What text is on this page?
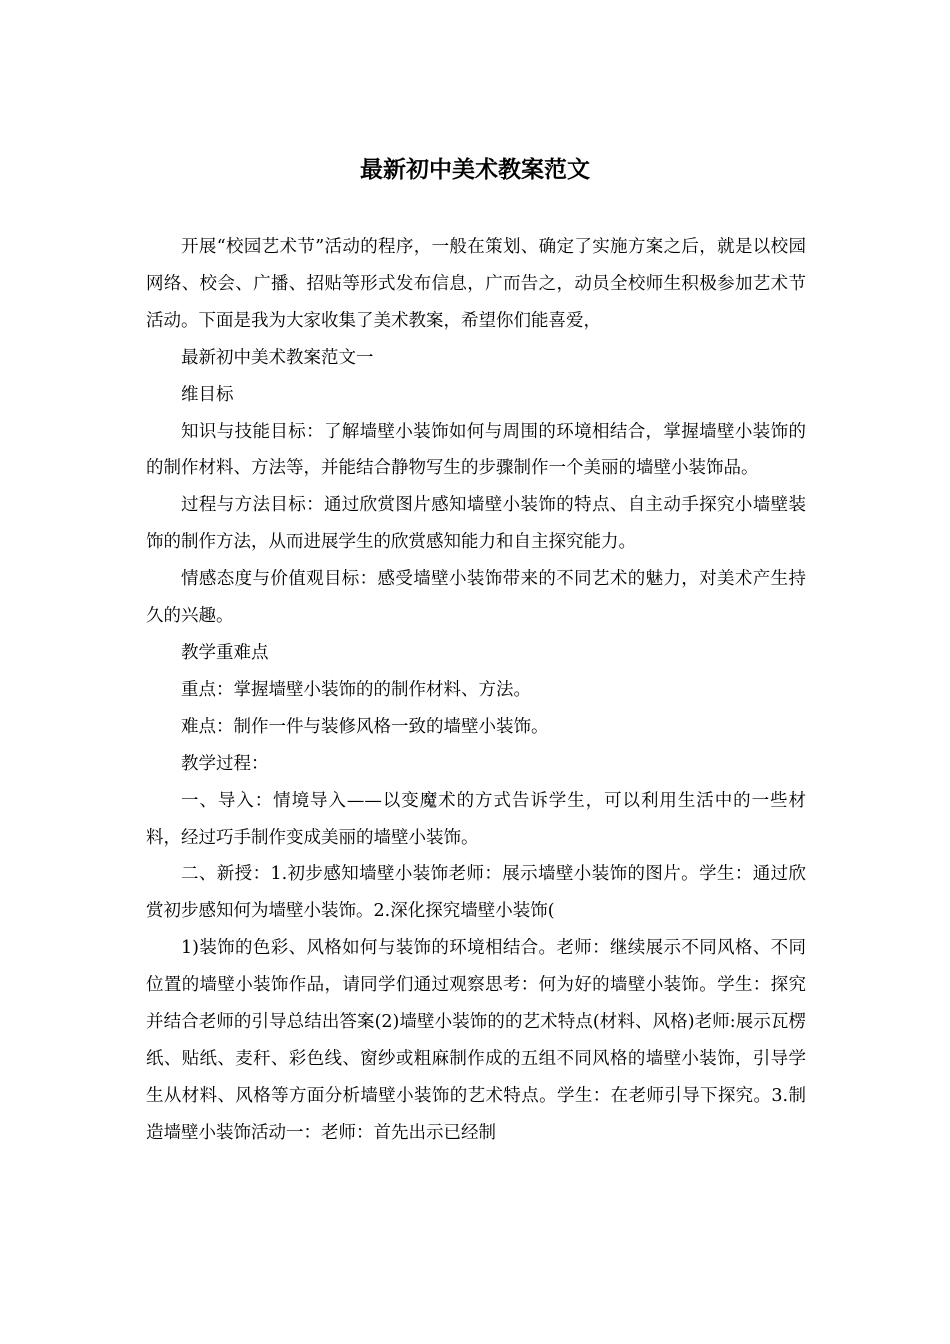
最新初中美术教案范文

开展“校园艺术节”活动的程序，一般在策划、确定了实施方案之后，就是以校园网络、校会、广播、招贴等形式发布信息，广而告之，动员全校师生积极参加艺术节活动。下面是我为大家收集了美术教案，希望你们能喜爱，

最新初中美术教案范文一

维目标

知识与技能目标：了解墙壁小装饰如何与周围的环境相结合，掌握墙壁小装饰的的制作材料、方法等，并能结合静物写生的步骤制作一个美丽的墙壁小装饰品。

过程与方法目标：通过欣赏图片感知墙壁小装饰的特点、自主动手探究小墙壁装饰的制作方法，从而进展学生的欣赏感知能力和自主探究能力。

情感态度与价值观目标：感受墙壁小装饰带来的不同艺术的魅力，对美术产生持久的兴趣。

教学重难点

重点：掌握墙壁小装饰的的制作材料、方法。

难点：制作一件与装修风格一致的墙壁小装饰。

教学过程：

一、导入：情境导入——以变魔术的方式告诉学生，可以利用生活中的一些材料，经过巧手制作变成美丽的墙壁小装饰。

二、新授：1.初步感知墙壁小装饰老师：展示墙壁小装饰的图片。学生：通过欣赏初步感知何为墙壁小装饰。2.深化探究墙壁小装饰(

1)装饰的色彩、风格如何与装饰的环境相结合。老师：继续展示不同风格、不同位置的墙壁小装饰作品，请同学们通过观察思考：何为好的墙壁小装饰。学生：探究并结合老师的引导总结出答案(2)墙壁小装饰的的艺术特点(材料、风格)老师:展示瓦楞纸、贴纸、麦秆、彩色线、窗纱或粗麻制作成的五组不同风格的墙壁小装饰，引导学生从材料、风格等方面分析墙壁小装饰的艺术特点。学生：在老师引导下探究。3.制造墙壁小装饰活动一：老师：首先出示已经制
